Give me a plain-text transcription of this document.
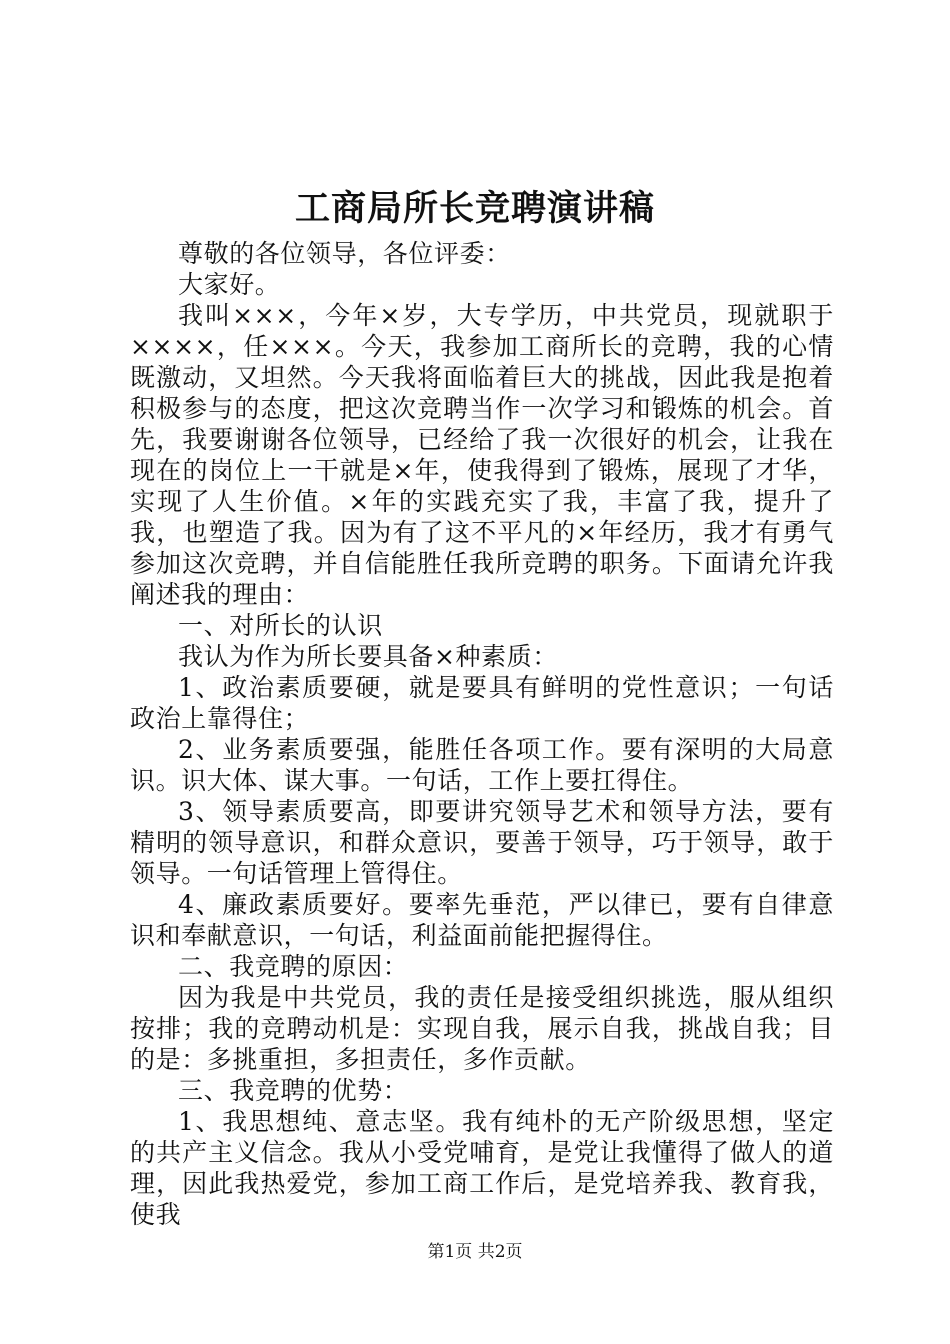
工商局所长竞聘演讲稿

尊敬的各位领导，各位评委：

大家好。

我叫×××，今年×岁，大专学历，中共党员，现就职于××××，任×××。今天，我参加工商所长的竞聘，我的心情既激动，又坦然。今天我将面临着巨大的挑战，因此我是抱着积极参与的态度，把这次竞聘当作一次学习和锻炼的机会。首先，我要谢谢各位领导，已经给了我一次很好的机会，让我在现在的岗位上一干就是×年，使我得到了锻炼，展现了才华，实现了人生价值。×年的实践充实了我，丰富了我，提升了我，也塑造了我。因为有了这不平凡的×年经历，我才有勇气参加这次竞聘，并自信能胜任我所竞聘的职务。下面请允许我阐述我的理由：

一、对所长的认识

我认为作为所长要具备×种素质：

1、政治素质要硬，就是要具有鲜明的党性意识；一句话政治上靠得住；

2、业务素质要强，能胜任各项工作。要有深明的大局意识。识大体、谋大事。一句话，工作上要扛得住。

3、领导素质要高，即要讲究领导艺术和领导方法，要有精明的领导意识，和群众意识，要善于领导，巧于领导，敢于领导。一句话管理上管得住。

4、廉政素质要好。要率先垂范，严以律已，要有自律意识和奉献意识，一句话，利益面前能把握得住。

二、我竞聘的原因：

因为我是中共党员，我的责任是接受组织挑选，服从组织按排；我的竞聘动机是：实现自我，展示自我，挑战自我；目的是：多挑重担，多担责任，多作贡献。

三、我竞聘的优势：

1、我思想纯、意志坚。我有纯朴的无产阶级思想，坚定的共产主义信念。我从小受党哺育，是党让我懂得了做人的道理，因此我热爱党，参加工商工作后，是党培养我、教育我，使我

第1页 共2页
